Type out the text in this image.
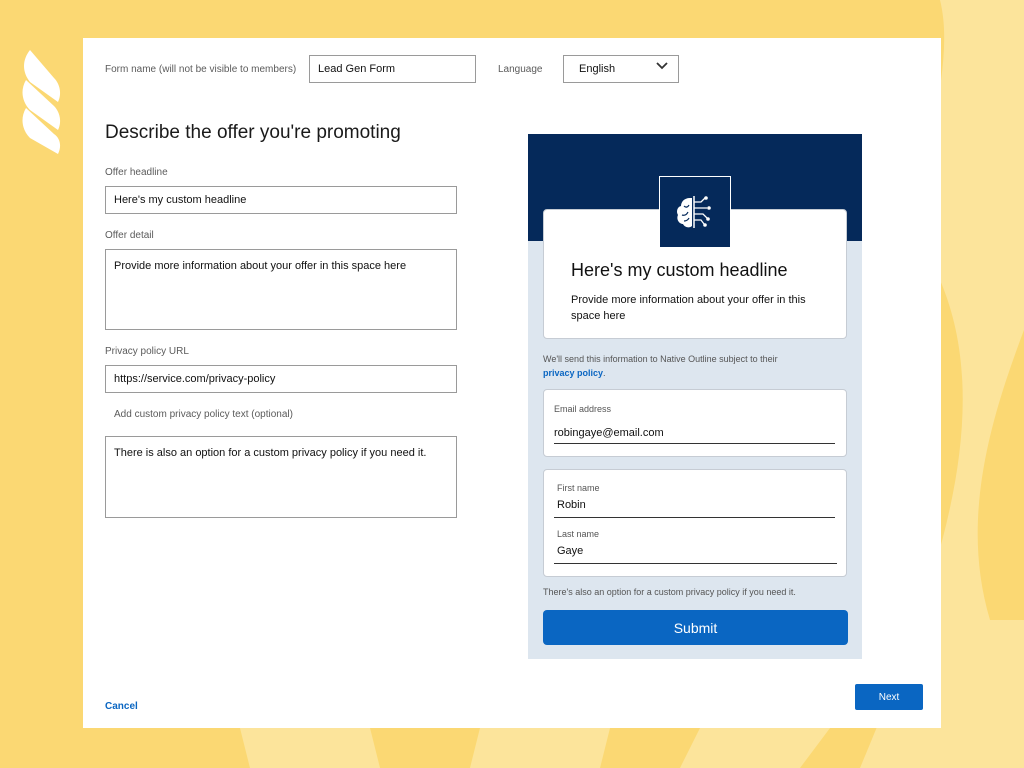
Form name (will not be visible to members)	Lead Gen Form	Language	English
Describe the offer you're promoting
Offer headline
Here's my custom headline
Offer detail
Provide more information about your offer in this space here
Privacy policy URL
https://service.com/privacy-policy
Add custom privacy policy text (optional)
There is also an option for a custom privacy policy if you need it.
Here's my custom headline
Provide more information about your offer in this space here
We'll send this information to Native Outline subject to their
privacy policy.
Email address
robingaye@email.com
First name
Robin
Last name
Gaye
There's also an option for a custom privacy policy if you need it.
Submit
Cancel
Next
